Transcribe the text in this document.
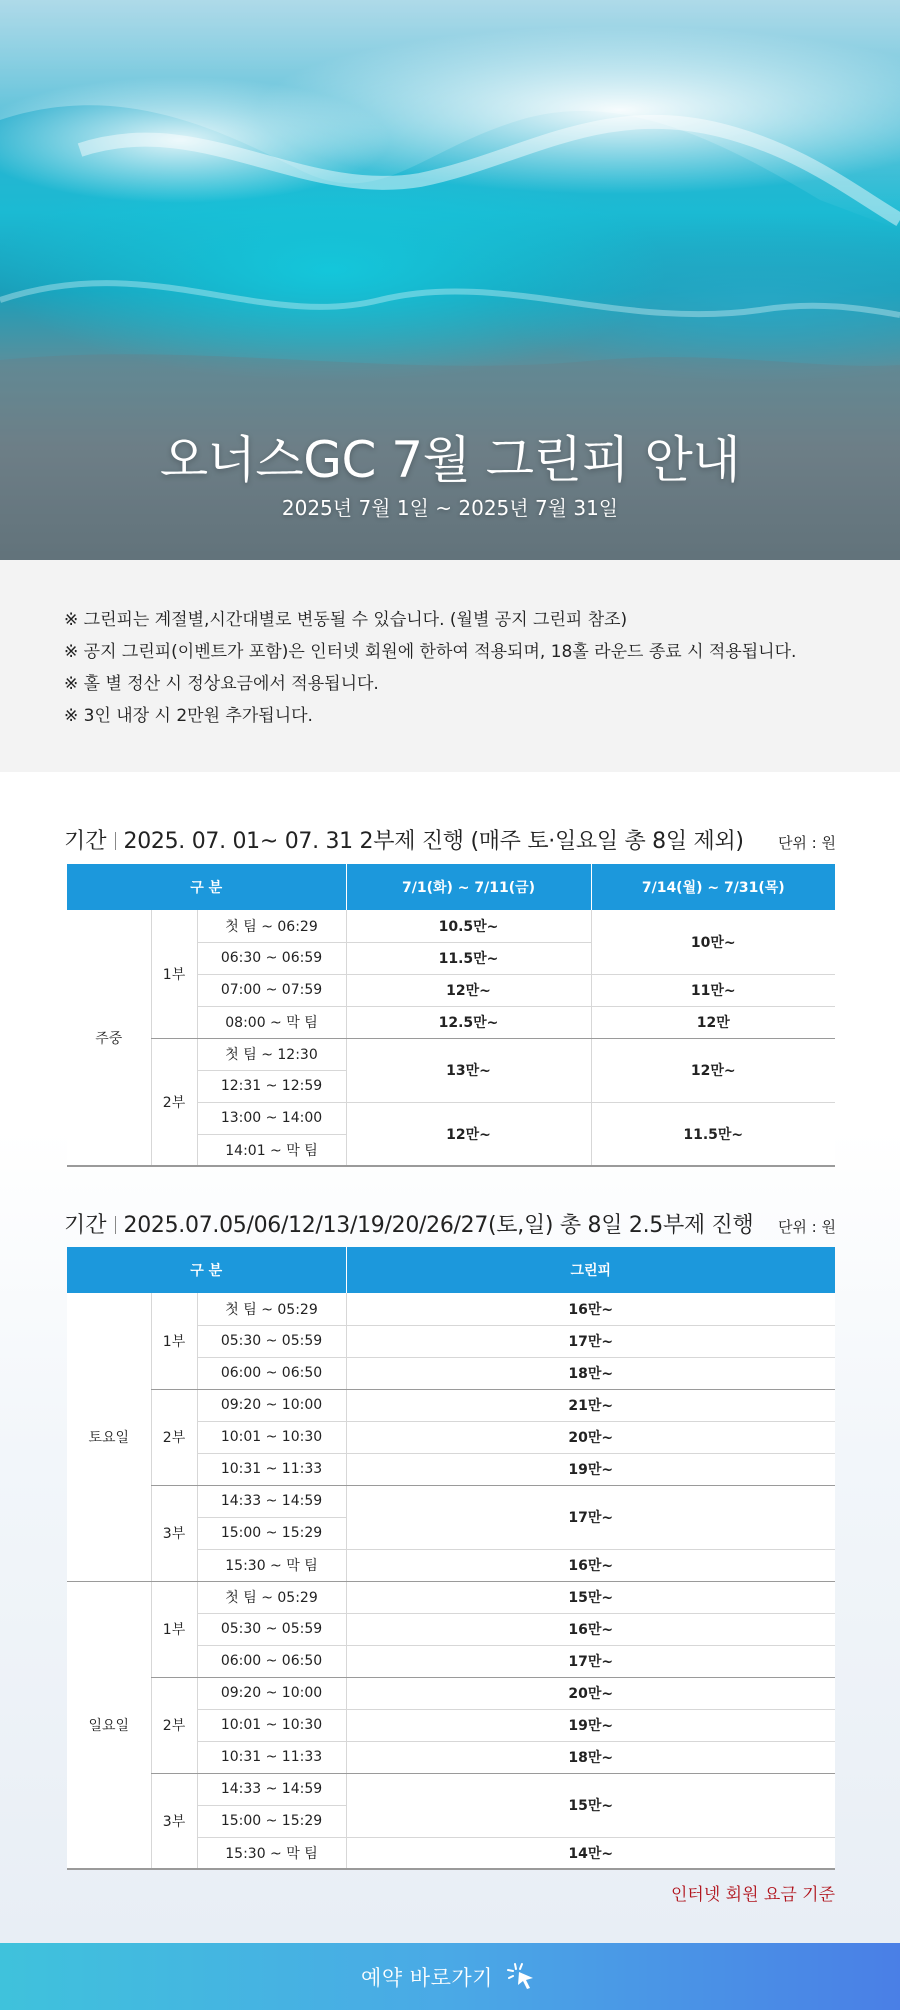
오너스GC 7월 그린피 안내
2025년 7월 1일 ~ 2025년 7월 31일

※ 그린피는 계절별,시간대별로 변동될 수 있습니다. (월별 공지 그린피 참조)

※ 공지 그린피(이벤트가 포함)은 인터넷 회원에 한하여 적용되며, 18홀 라운드 종료 시 적용됩니다.

※ 홀 별 정산 시 정상요금에서 적용됩니다.

※ 3인 내장 시 2만원 추가됩니다.

기간 2025. 07. 01~ 07. 31 2부제 진행 (매주 토·일요일 총 8일 제외) 단위 : 원
구 분			7/1(화) ~ 7/11(금)	7/14(월) ~ 7/31(목)
주중	1부	첫 팀 ~ 06:29	10.5만~	10만~
		06:30 ~ 06:59	11.5만~	
		07:00 ~ 07:59	12만~	11만~
		08:00 ~ 막 팀	12.5만~	12만
	2부	첫 팀 ~ 12:30	13만~	12만~
		12:31 ~ 12:59		
		13:00 ~ 14:00	12만~	11.5만~
		14:01 ~ 막 팀		
기간 2025.07.05/06/12/13/19/20/26/27(토,일) 총 8일 2.5부제 진행 단위 : 원
구 분			그린피
토요일	1부	첫 팀 ~ 05:29	16만~
		05:30 ~ 05:59	17만~
		06:00 ~ 06:50	18만~
	2부	09:20 ~ 10:00	21만~
		10:01 ~ 10:30	20만~
		10:31 ~ 11:33	19만~
	3부	14:33 ~ 14:59	17만~
		15:00 ~ 15:29	
		15:30 ~ 막 팀	16만~
일요일	1부	첫 팀 ~ 05:29	15만~
		05:30 ~ 05:59	16만~
		06:00 ~ 06:50	17만~
	2부	09:20 ~ 10:00	20만~
		10:01 ~ 10:30	19만~
		10:31 ~ 11:33	18만~
	3부	14:33 ~ 14:59	15만~
		15:00 ~ 15:29	
		15:30 ~ 막 팀	14만~
인터넷 회원 요금 기준
예약 바로가기
